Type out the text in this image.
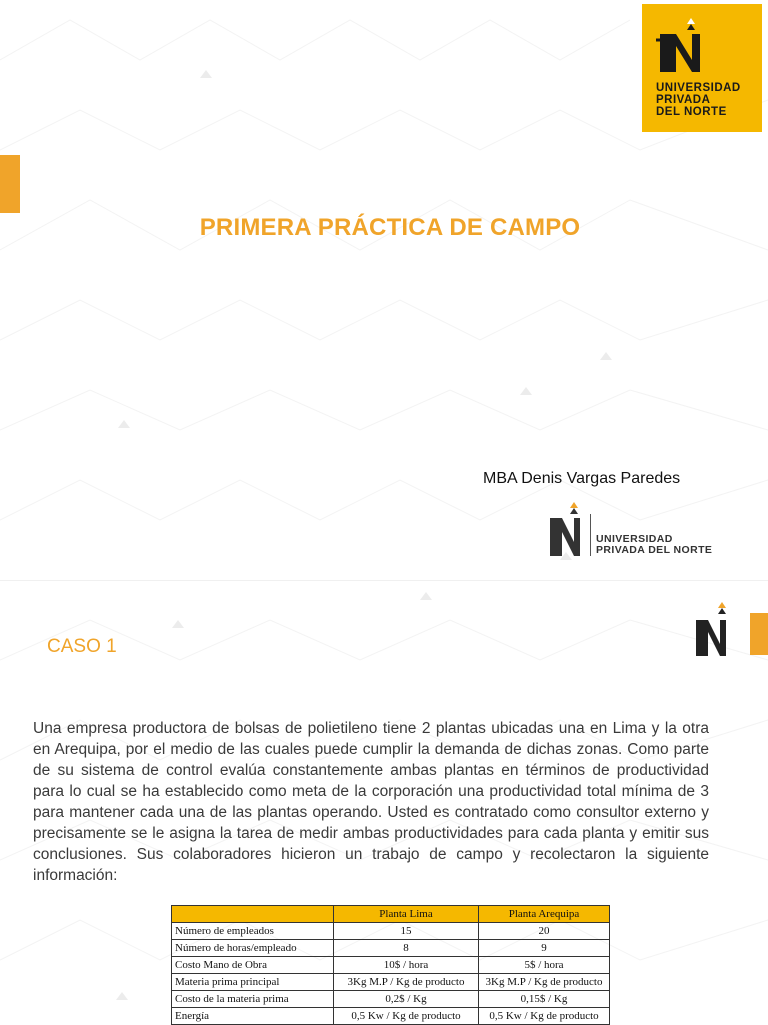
UNIVERSIDAD
PRIVADA
DEL NORTE
PRIMERA PRÁCTICA DE CAMPO
MBA Denis Vargas Paredes
UNIVERSIDAD
PRIVADA DEL NORTE
CASO 1
Una empresa productora de bolsas de polietileno tiene 2 plantas ubicadas una en Lima y la otra en Arequipa, por el medio de las cuales puede cumplir la demanda de dichas zonas. Como parte de su sistema de control evalúa constantemente ambas plantas en términos de productividad para lo cual se ha establecido como meta de la corporación una productividad total mínima de 3 para mantener cada una de las plantas operando. Usted es contratado como consultor externo y precisamente se le asigna la tarea de medir ambas productividades para cada planta y emitir sus conclusiones. Sus colaboradores hicieron un trabajo de campo y recolectaron la siguiente información:
	Planta Lima	Planta Arequipa
Número de empleados	15	20
Número de horas/empleado	8	9
Costo Mano de Obra	10$ / hora	5$ / hora
Materia prima principal	3Kg M.P / Kg de producto	3Kg M.P / Kg de producto
Costo de la materia prima	0,2$ / Kg	0,15$ / Kg
Energía	0,5 Kw / Kg de producto	0,5 Kw / Kg de producto
